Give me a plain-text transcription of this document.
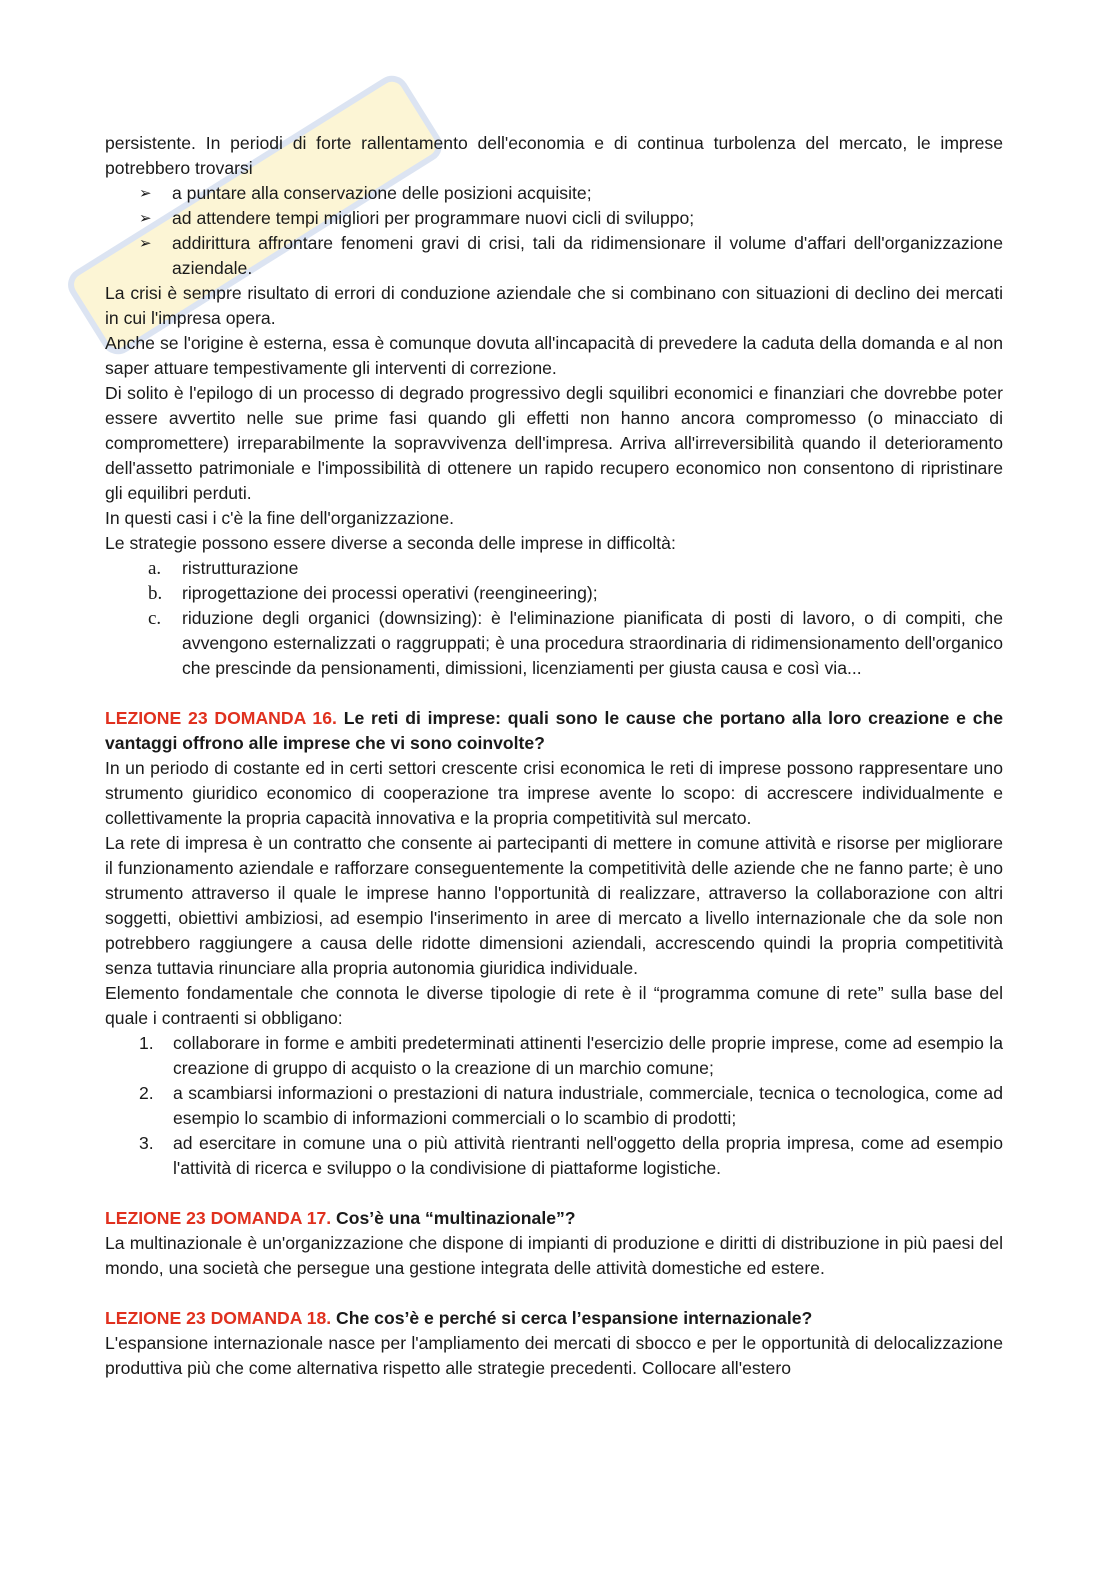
persistente. In periodi di forte rallentamento dell'economia e di continua turbolenza del mercato, le imprese potrebbero trovarsi

➢ a puntare alla conservazione delle posizioni acquisite;
➢ ad attendere tempi migliori per programmare nuovi cicli di sviluppo;
➢ addirittura affrontare fenomeni gravi di crisi, tali da ridimensionare il volume d'affari dell'organizzazione aziendale.

La crisi è sempre risultato di errori di conduzione aziendale che si combinano con situazioni di declino dei mercati in cui l'impresa opera.

Anche se l'origine è esterna, essa è comunque dovuta all'incapacità di prevedere la caduta della domanda e al non saper attuare tempestivamente gli interventi di correzione.

Di solito è l'epilogo di un processo di degrado progressivo degli squilibri economici e finanziari che dovrebbe poter essere avvertito nelle sue prime fasi quando gli effetti non hanno ancora compromesso (o minacciato di compromettere) irreparabilmente la sopravvivenza dell'impresa. Arriva all'irreversibilità quando il deterioramento dell'assetto patrimoniale e l'impossibilità di ottenere un rapido recupero economico non consentono di ripristinare gli equilibri perduti.

In questi casi i c'è la fine dell'organizzazione.

Le strategie possono essere diverse a seconda delle imprese in difficoltà:

a. ristrutturazione
b. riprogettazione dei processi operativi (reengineering);
c. riduzione degli organici (downsizing): è l'eliminazione pianificata di posti di lavoro, o di compiti, che avvengono esternalizzati o raggruppati; è una procedura straordinaria di ridimensionamento dell'organico che prescinde da pensionamenti, dimissioni, licenziamenti per giusta causa e così via...

LEZIONE 23 DOMANDA 16. Le reti di imprese: quali sono le cause che portano alla loro creazione e che vantaggi offrono alle imprese che vi sono coinvolte?

In un periodo di costante ed in certi settori crescente crisi economica le reti di imprese possono rappresentare uno strumento giuridico economico di cooperazione tra imprese avente lo scopo: di accrescere individualmente e collettivamente la propria capacità innovativa e la propria competitività sul mercato.

La rete di impresa è un contratto che consente ai partecipanti di mettere in comune attività e risorse per migliorare il funzionamento aziendale e rafforzare conseguentemente la competitività delle aziende che ne fanno parte; è uno strumento attraverso il quale le imprese hanno l'opportunità di realizzare, attraverso la collaborazione con altri soggetti, obiettivi ambiziosi, ad esempio l'inserimento in aree di mercato a livello internazionale che da sole non potrebbero raggiungere a causa delle ridotte dimensioni aziendali, accrescendo quindi la propria competitività senza tuttavia rinunciare alla propria autonomia giuridica individuale.

Elemento fondamentale che connota le diverse tipologie di rete è il “programma comune di rete” sulla base del quale i contraenti si obbligano:

1. collaborare in forme e ambiti predeterminati attinenti l'esercizio delle proprie imprese, come ad esempio la creazione di gruppo di acquisto o la creazione di un marchio comune;
2. a scambiarsi informazioni o prestazioni di natura industriale, commerciale, tecnica o tecnologica, come ad esempio lo scambio di informazioni commerciali o lo scambio di prodotti;
3. ad esercitare in comune una o più attività rientranti nell'oggetto della propria impresa, come ad esempio l'attività di ricerca e sviluppo o la condivisione di piattaforme logistiche.

LEZIONE 23 DOMANDA 17. Cos’è una “multinazionale”?

La multinazionale è un'organizzazione che dispone di impianti di produzione e diritti di distribuzione in più paesi del mondo, una società che persegue una gestione integrata delle attività domestiche ed estere.

LEZIONE 23 DOMANDA 18. Che cos’è e perché si cerca l’espansione internazionale?

L'espansione internazionale nasce per l'ampliamento dei mercati di sbocco e per le opportunità di delocalizzazione produttiva più che come alternativa rispetto alle strategie precedenti. Collocare all'estero
